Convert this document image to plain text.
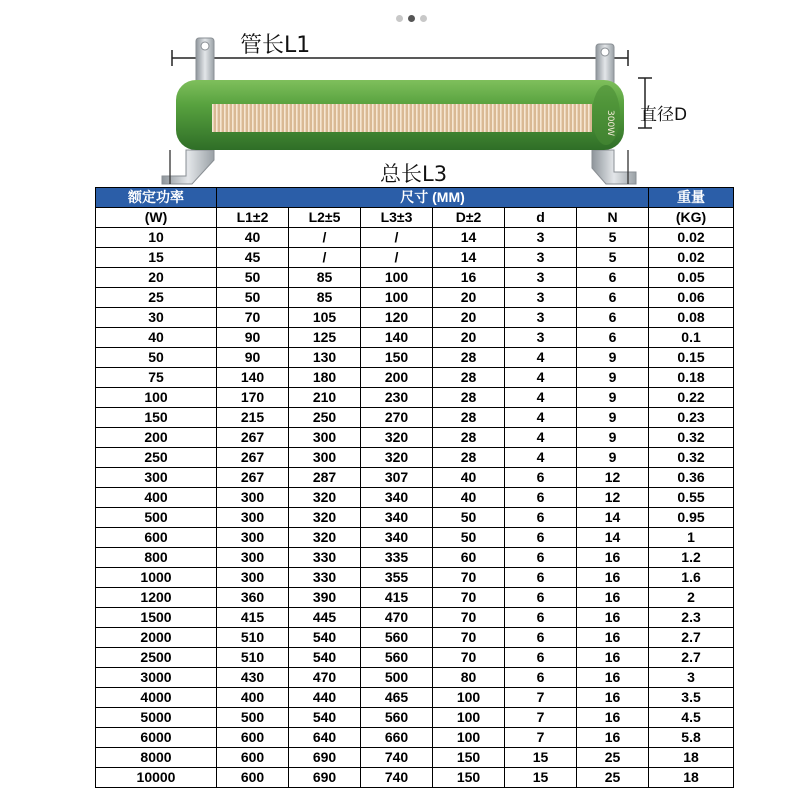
300W
管长L1
直径D
总长L3
额定功率	尺寸 (MM)						重量
(W)	L1±2	L2±5	L3±3	D±2	d	N	(KG)
10	40	/	/	14	3	5	0.02
15	45	/	/	14	3	5	0.02
20	50	85	100	16	3	6	0.05
25	50	85	100	20	3	6	0.06
30	70	105	120	20	3	6	0.08
40	90	125	140	20	3	6	0.1
50	90	130	150	28	4	9	0.15
75	140	180	200	28	4	9	0.18
100	170	210	230	28	4	9	0.22
150	215	250	270	28	4	9	0.23
200	267	300	320	28	4	9	0.32
250	267	300	320	28	4	9	0.32
300	267	287	307	40	6	12	0.36
400	300	320	340	40	6	12	0.55
500	300	320	340	50	6	14	0.95
600	300	320	340	50	6	14	1
800	300	330	335	60	6	16	1.2
1000	300	330	355	70	6	16	1.6
1200	360	390	415	70	6	16	2
1500	415	445	470	70	6	16	2.3
2000	510	540	560	70	6	16	2.7
2500	510	540	560	70	6	16	2.7
3000	430	470	500	80	6	16	3
4000	400	440	465	100	7	16	3.5
5000	500	540	560	100	7	16	4.5
6000	600	640	660	100	7	16	5.8
8000	600	690	740	150	15	25	18
10000	600	690	740	150	15	25	18
